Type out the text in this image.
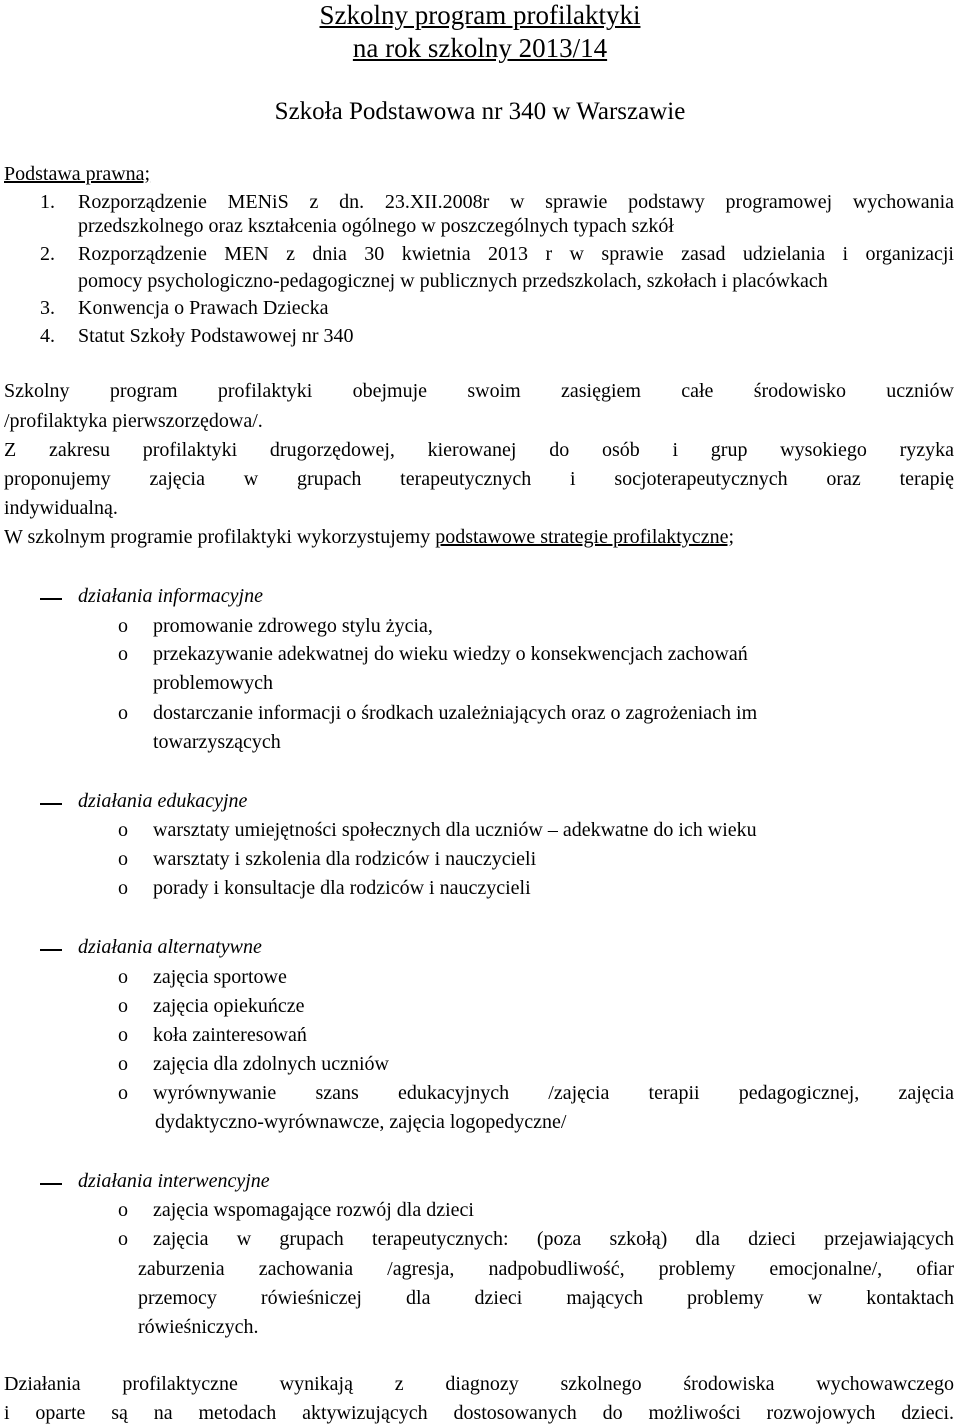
Szkolny program profilaktyki
na rok szkolny 2013/14
Szkoła Podstawowa nr 340 w Warszawie
Podstawa prawna;
1. Rozporządzenie MENiS z dn. 23.XII.2008r w sprawie podstawy programowej wychowania
przedszkolnego oraz kształcenia ogólnego w poszczególnych typach szkół
2. Rozporządzenie MEN z dnia 30 kwietnia 2013 r w sprawie zasad udzielania i organizacji
pomocy psychologiczno-pedagogicznej w publicznych przedszkolach, szkołach i placówkach
3. Konwencja o Prawach Dziecka
4. Statut Szkoły Podstawowej nr 340
Szkolny program profilaktyki obejmuje swoim zasięgiem całe środowisko uczniów
/profilaktyka pierwszorzędowa/.
Z zakresu profilaktyki drugorzędowej, kierowanej do osób i grup wysokiego ryzyka
proponujemy zajęcia w grupach terapeutycznych i socjoterapeutycznych oraz terapię
indywidualną.
W szkolnym programie profilaktyki wykorzystujemy podstawowe strategie profilaktyczne;
działania informacyjne
o promowanie zdrowego stylu życia,
o przekazywanie adekwatnej do wieku wiedzy o konsekwencjach zachowań
problemowych
o dostarczanie informacji o środkach uzależniających oraz o zagrożeniach im
towarzyszących
działania edukacyjne
o warsztaty umiejętności społecznych dla uczniów – adekwatne do ich wieku
o warsztaty i szkolenia dla rodziców i nauczycieli
o porady i konsultacje dla rodziców i nauczycieli
działania alternatywne
o zajęcia sportowe
o zajęcia opiekuńcze
o koła zainteresowań
o zajęcia dla zdolnych uczniów
o wyrównywanie szans edukacyjnych /zajęcia terapii pedagogicznej, zajęcia
dydaktyczno-wyrównawcze, zajęcia logopedyczne/
działania interwencyjne
o zajęcia wspomagające rozwój dla dzieci
o zajęcia w grupach terapeutycznych: (poza szkołą) dla dzieci przejawiających
zaburzenia zachowania /agresja, nadpobudliwość, problemy emocjonalne/, ofiar
przemocy rówieśniczej dla dzieci mających problemy w kontaktach
rówieśniczych.
Działania profilaktyczne wynikają z diagnozy szkolnego środowiska wychowawczego
i oparte są na metodach aktywizujących dostosowanych do możliwości rozwojowych dzieci.
